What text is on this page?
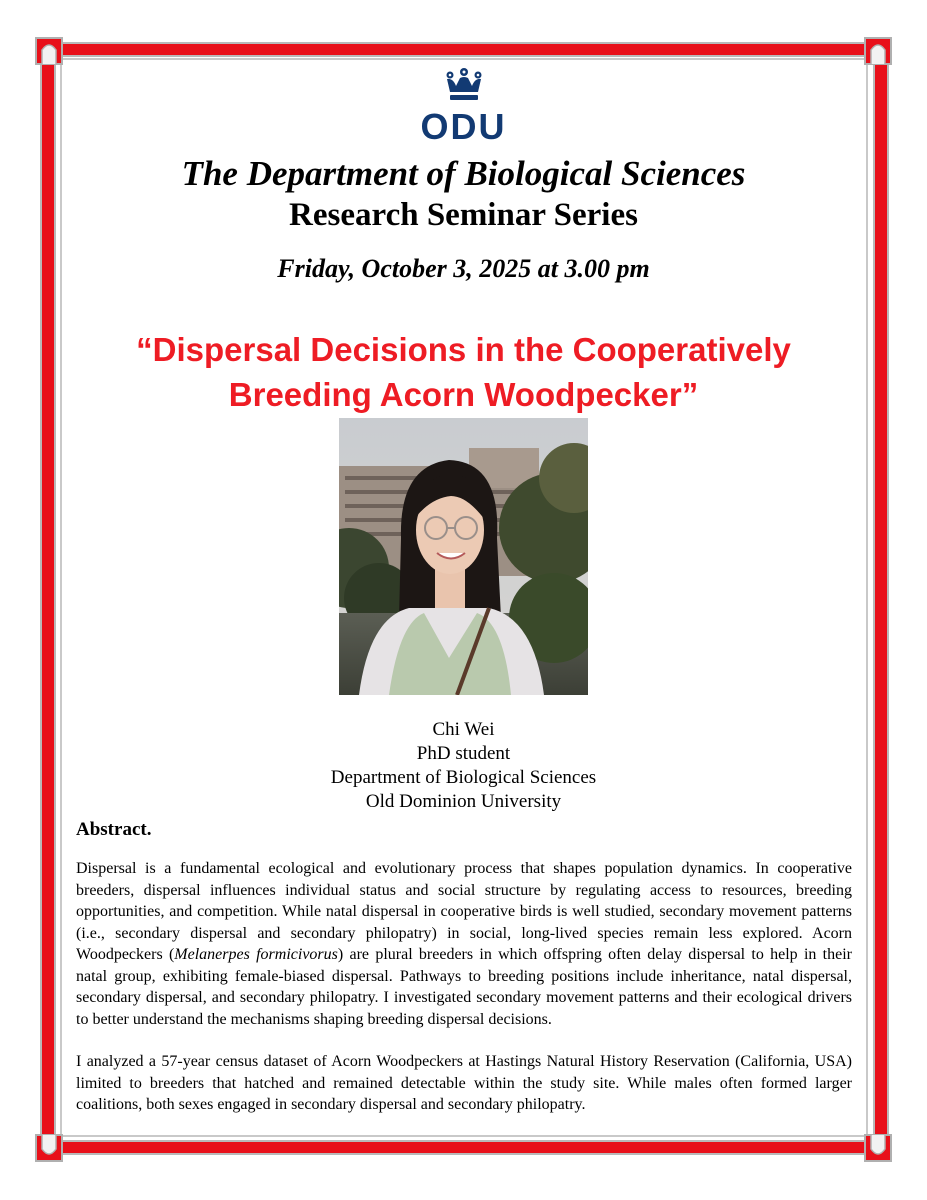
ODU
The Department of Biological Sciences
Research Seminar Series
Friday, October 3, 2025 at 3.00 pm
“Dispersal Decisions in the Cooperatively
Breeding Acorn Woodpecker”
Chi Wei
PhD student
Department of Biological Sciences
Old Dominion University
Abstract.

Dispersal is a fundamental ecological and evolutionary process that shapes population dynamics. In cooperative breeders, dispersal influences individual status and social structure by regulating access to resources, breeding opportunities, and competition. While natal dispersal in cooperative birds is well studied, secondary movement patterns (i.e., secondary dispersal and secondary philopatry) in social, long-lived species remain less explored. Acorn Woodpeckers (Melanerpes formicivorus) are plural breeders in which offspring often delay dispersal to help in their natal group, exhibiting female-biased dispersal. Pathways to breeding positions include inheritance, natal dispersal, secondary dispersal, and secondary philopatry. I investigated secondary movement patterns and their ecological drivers to better understand the mechanisms shaping breeding dispersal decisions.

I analyzed a 57-year census dataset of Acorn Woodpeckers at Hastings Natural History Reservation (California, USA) limited to breeders that hatched and remained detectable within the study site. While males often formed larger coalitions, both sexes engaged in secondary dispersal and secondary philopatry.
